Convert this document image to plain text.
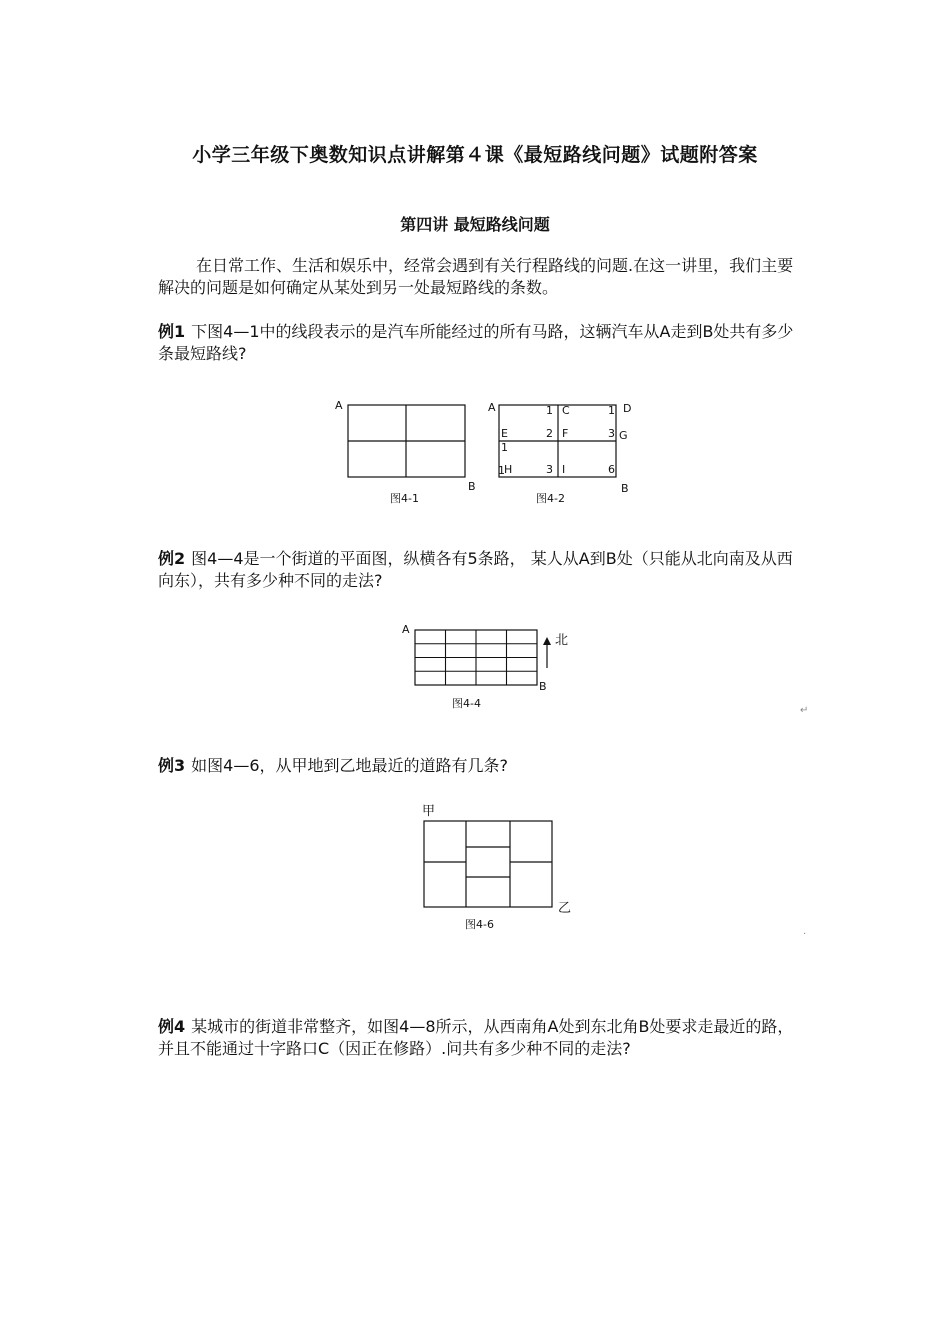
小学三年级下奥数知识点讲解第４课《最短路线问题》试题附答案
第四讲 最短路线问题
在日常工作、生活和娱乐中，经常会遇到有关行程路线的问题.在这一讲里，我们主要解决的问题是如何确定从某处到另一处最短路线的条数。
例1 下图4—1中的线段表示的是汽车所能经过的所有马路，这辆汽车从A走到B处共有多少条最短路线?
A
B
图4-1
A	1 C	1 D
E	2 F	3 G
1
1 H	3 I	6
B
图4-2
例2 图4—4是一个街道的平面图，纵横各有5条路， 某人从A到B处（只能从北向南及从西向东），共有多少种不同的走法?
A
B
北
图4-4
↵
例3 如图4—6，从甲地到乙地最近的道路有几条?
甲
乙
图4-6
.
例4 某城市的街道非常整齐，如图4—8所示，从西南角A处到东北角B处要求走最近的路，并且不能通过十字路口C（因正在修路）.问共有多少种不同的走法?
